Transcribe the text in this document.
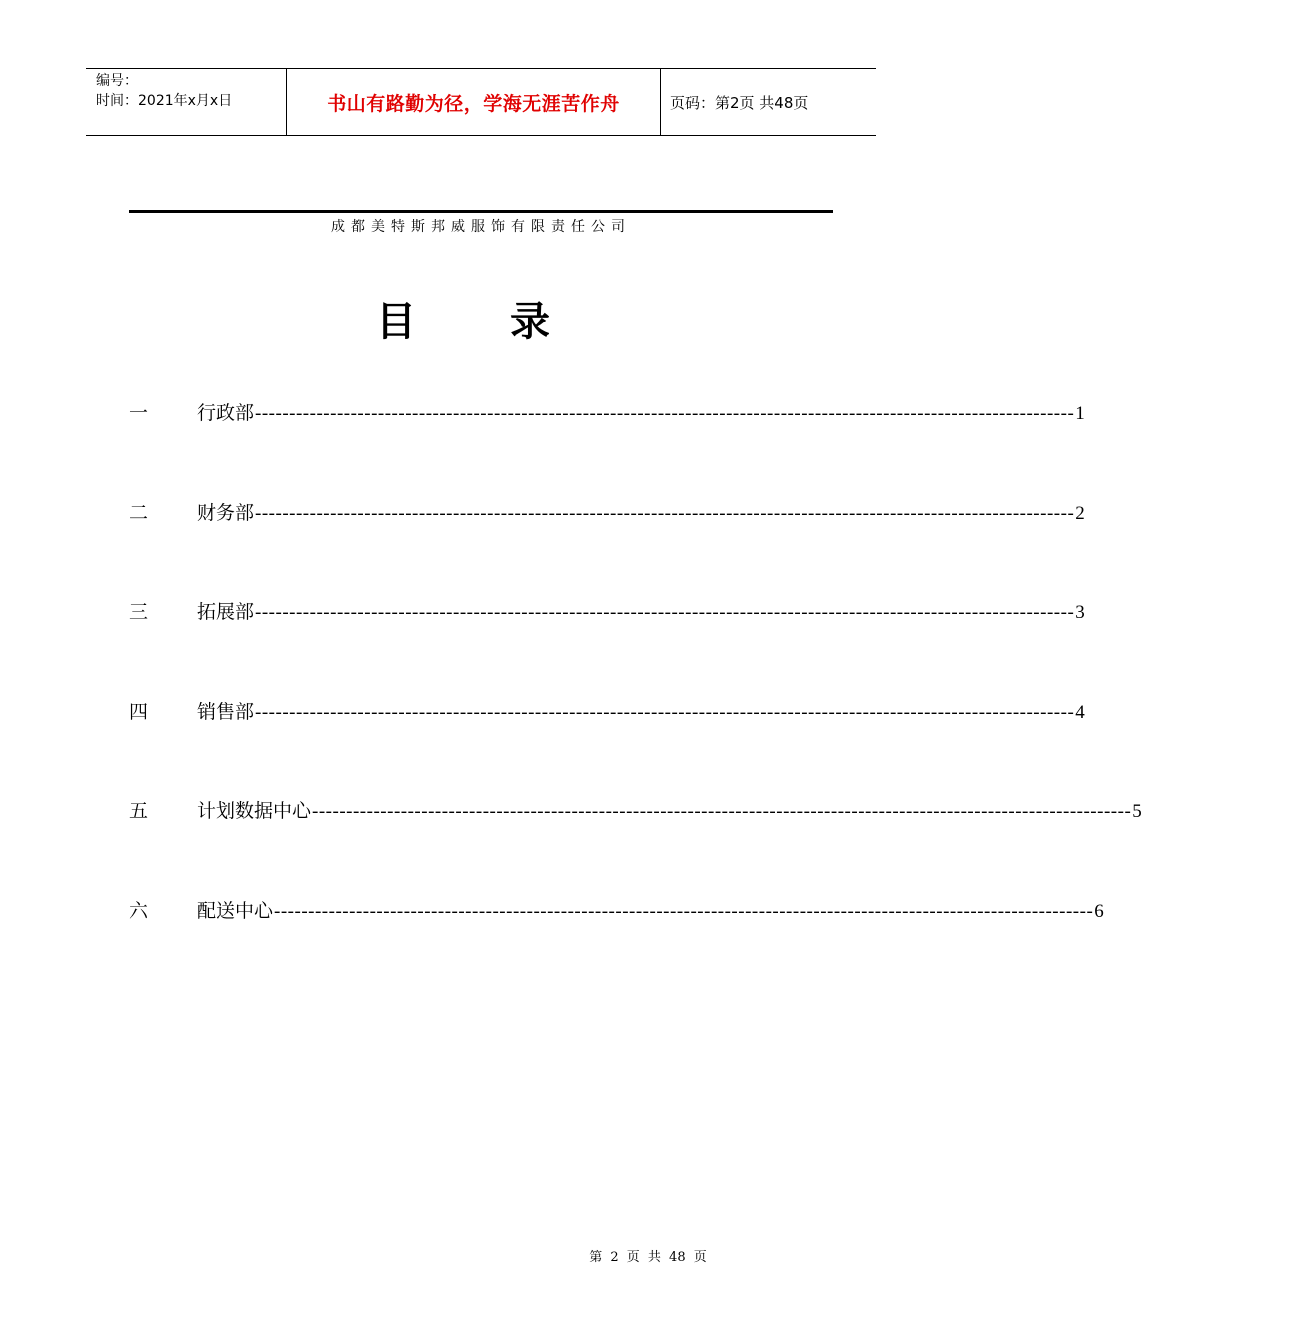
编号：
时间：2021年x月x日	书山有路勤为径，学海无涯苦作舟	页码：第2页 共48页
成都美特斯邦威服饰有限责任公司
目 录
一	行政部 ------------------------------------------------------------------------------------------------------------------------ 1
二	财务部 ------------------------------------------------------------------------------------------------------------------------ 2
三	拓展部 ------------------------------------------------------------------------------------------------------------------------ 3
四	销售部 ------------------------------------------------------------------------------------------------------------------------ 4
五	计划数据中心 ------------------------------------------------------------------------------------------------------------------------ 5
六	配送中心 ------------------------------------------------------------------------------------------------------------------------ 6
第 2 页 共 48 页
